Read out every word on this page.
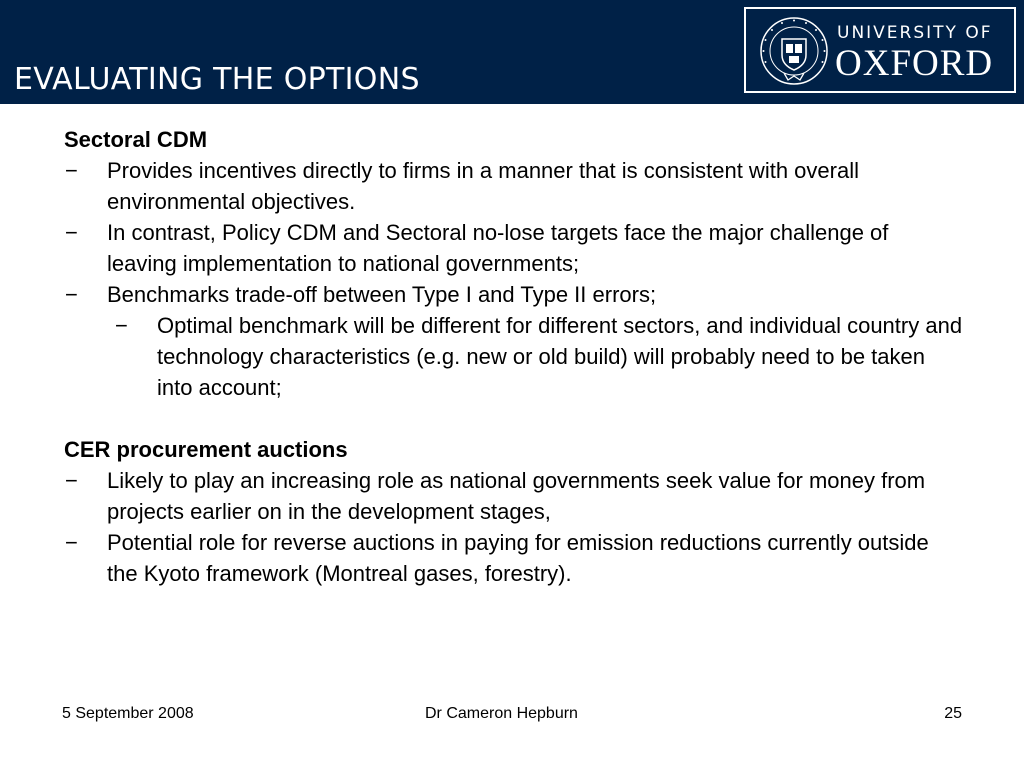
EVALUATING THE OPTIONS
UNIVERSITY OF
OXFORD
Sectoral CDM
− Provides incentives directly to firms in a manner that is consistent with overall environmental objectives.
− In contrast, Policy CDM and Sectoral no-lose targets face the major challenge of leaving implementation to national governments;
− Benchmarks trade-off between Type I and Type II errors;
− Optimal benchmark will be different for different sectors, and individual country and technology characteristics (e.g. new or old build) will probably need to be taken into account;
CER procurement auctions
− Likely to play an increasing role as national governments seek value for money from projects earlier on in the development stages,
− Potential role for reverse auctions in paying for emission reductions currently outside the Kyoto framework (Montreal gases, forestry).
5 September 2008	Dr Cameron Hepburn	25
